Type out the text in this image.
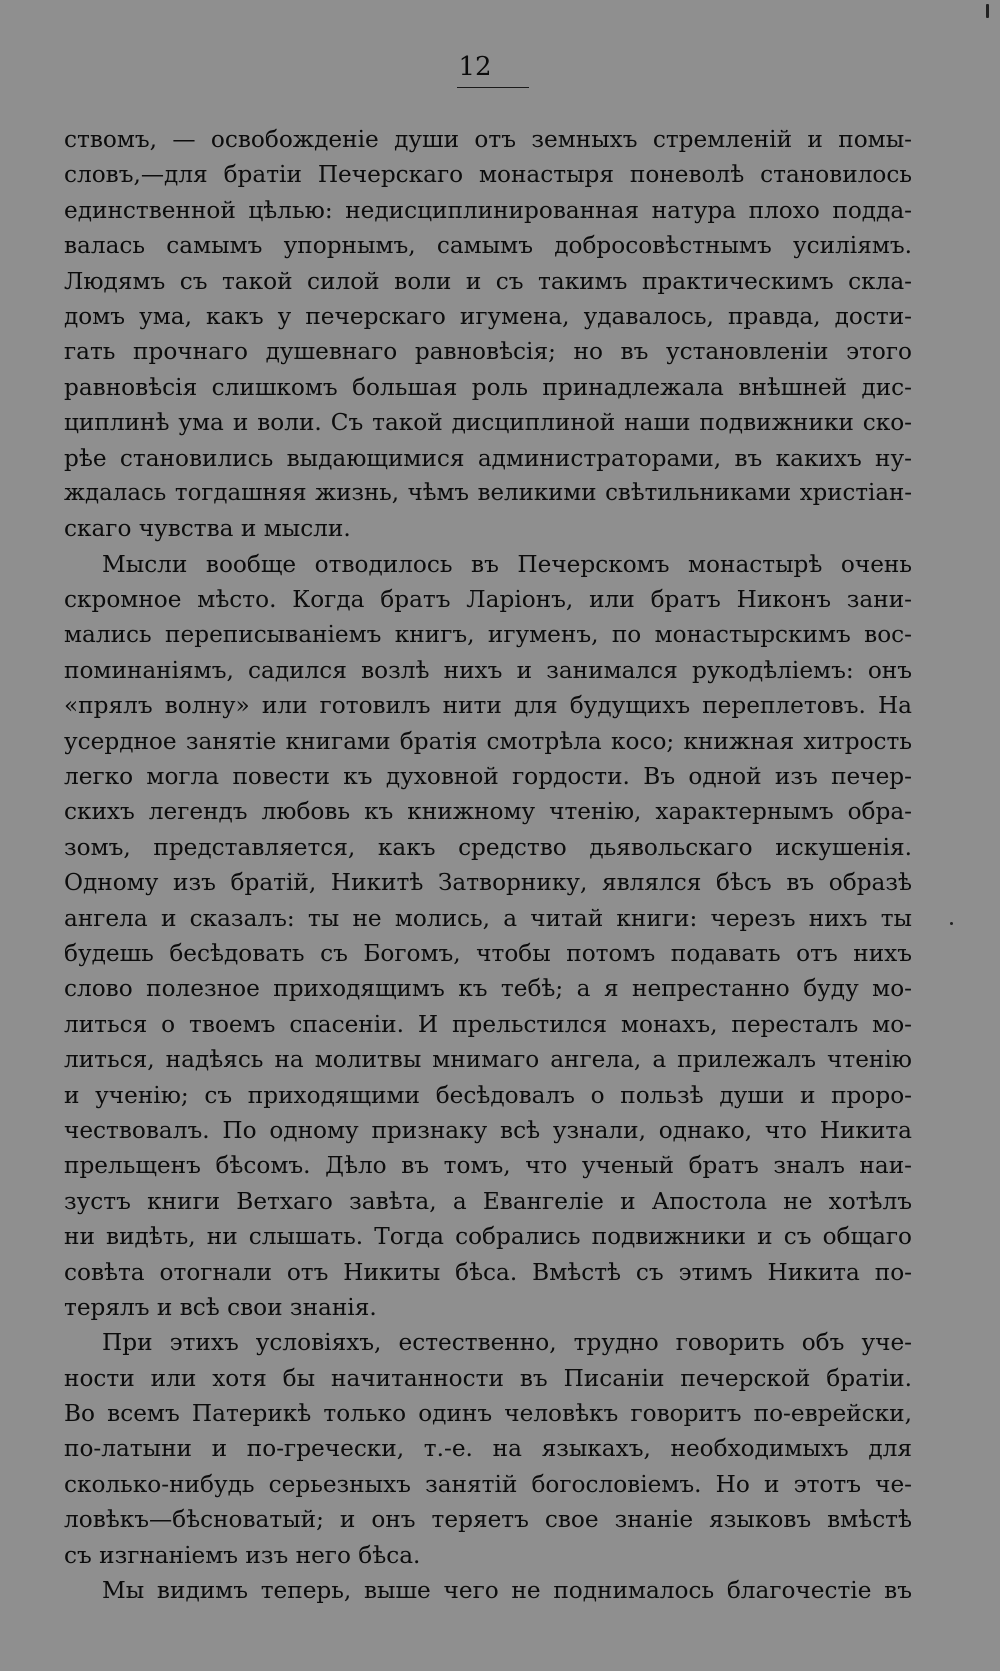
12
ствомъ, — освобожденіе души отъ земныхъ стремленій и помы-
словъ,—для братіи Печерскаго монастыря поневолѣ становилось
единственной цѣлью: недисциплинированная натура плохо подда-
валась самымъ упорнымъ, самымъ добросовѣстнымъ усиліямъ.
Людямъ съ такой силой воли и съ такимъ практическимъ скла-
домъ ума, какъ у печерскаго игумена, удавалось, правда, дости-
гать прочнаго душевнаго равновѣсія; но въ установленіи этого
равновѣсія слишкомъ большая роль принадлежала внѣшней дис-
циплинѣ ума и воли. Съ такой дисциплиной наши подвижники ско-
рѣе становились выдающимися администраторами, въ какихъ ну-
ждалась тогдашняя жизнь, чѣмъ великими свѣтильниками христіан-
скаго чувства и мысли.
Мысли вообще отводилось въ Печерскомъ монастырѣ очень
скромное мѣсто. Когда братъ Ларіонъ, или братъ Никонъ зани-
мались переписываніемъ книгъ, игуменъ, по монастырскимъ вос-
поминаніямъ, садился возлѣ нихъ и занимался рукодѣліемъ: онъ
«прялъ волну» или готовилъ нити для будущихъ переплетовъ. На
усердное занятіе книгами братія смотрѣла косо; книжная хитрость
легко могла повести къ духовной гордости. Въ одной изъ печер-
скихъ легендъ любовь къ книжному чтенію, характернымъ обра-
зомъ, представляется, какъ средство дьявольскаго искушенія.
Одному изъ братій, Никитѣ Затворнику, являлся бѣсъ въ образѣ
ангела и сказалъ: ты не молись, а читай книги: черезъ нихъ ты
будешь бесѣдовать съ Богомъ, чтобы потомъ подавать отъ нихъ
слово полезное приходящимъ къ тебѣ; а я непрестанно буду мо-
литься о твоемъ спасеніи. И прельстился монахъ, пересталъ мо-
литься, надѣясь на молитвы мнимаго ангела, а прилежалъ чтенію
и ученію; съ приходящими бесѣдовалъ о пользѣ души и проро-
чествовалъ. По одному признаку всѣ узнали, однако, что Никита
прельщенъ бѣсомъ. Дѣло въ томъ, что ученый братъ зналъ наи-
зустъ книги Ветхаго завѣта, а Евангеліе и Апостола не хотѣлъ
ни видѣть, ни слышать. Тогда собрались подвижники и съ общаго
совѣта отогнали отъ Никиты бѣса. Вмѣстѣ съ этимъ Никита по-
терялъ и всѣ свои знанія.
При этихъ условіяхъ, естественно, трудно говорить объ уче-
ности или хотя бы начитанности въ Писаніи печерской братіи.
Во всемъ Патерикѣ только одинъ человѣкъ говоритъ по-еврейски,
по-латыни и по-гречески, т.-е. на языкахъ, необходимыхъ для
сколько-нибудь серьезныхъ занятій богословіемъ. Но и этотъ че-
ловѣкъ—бѣсноватый; и онъ теряетъ свое знаніе языковъ вмѣстѣ
съ изгнаніемъ изъ него бѣса.
Мы видимъ теперь, выше чего не поднималось благочестіе въ
